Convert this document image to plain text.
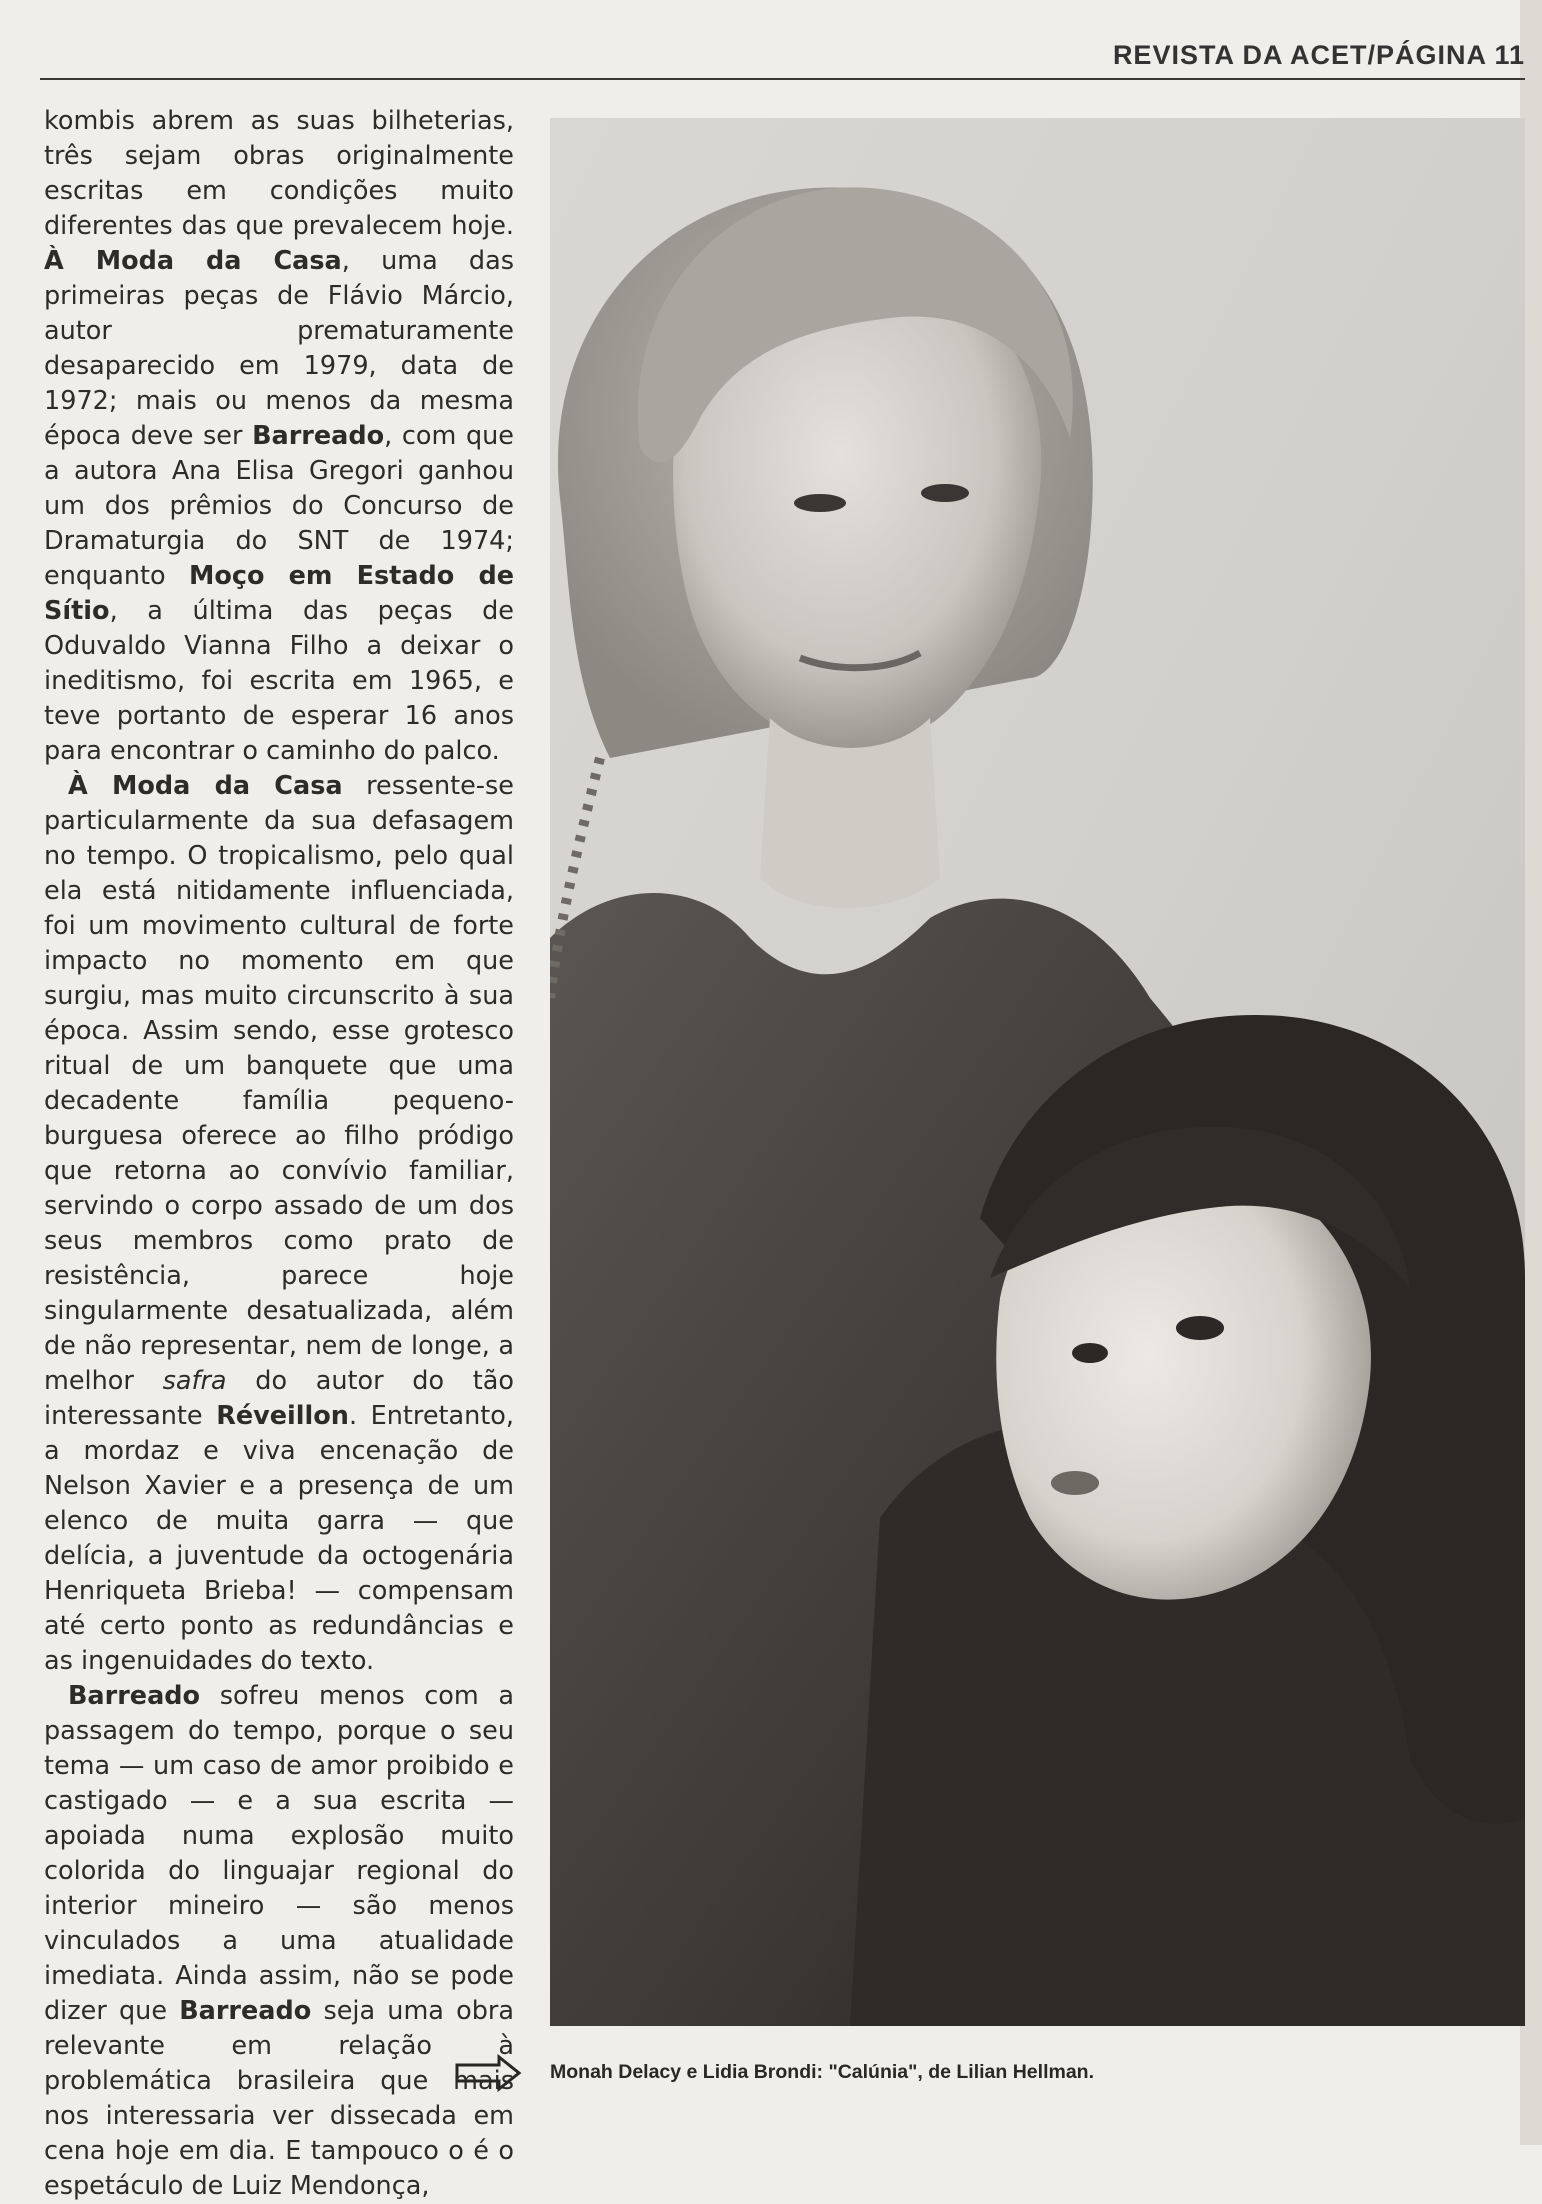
REVISTA DA ACET/PÁGINA 11

kombis abrem as suas bilheterias, três sejam obras originalmente escritas em condições muito diferentes das que prevalecem hoje. À Moda da Casa, uma das primeiras peças de Flávio Márcio, autor prematuramente desaparecido em 1979, data de 1972; mais ou menos da mesma época deve ser Barreado, com que a autora Ana Elisa Gregori ganhou um dos prêmios do Concurso de Dramaturgia do SNT de 1974; enquanto Moço em Estado de Sítio, a última das peças de Oduvaldo Vianna Filho a deixar o ineditismo, foi escrita em 1965, e teve portanto de esperar 16 anos para encontrar o caminho do palco.

À Moda da Casa ressente-se particularmente da sua defasagem no tempo. O tropicalismo, pelo qual ela está nitidamente influenciada, foi um movimento cultural de forte impacto no momento em que surgiu, mas muito circunscrito à sua época. Assim sendo, esse grotesco ritual de um banquete que uma decadente família pequeno-burguesa oferece ao filho pródigo que retorna ao convívio familiar, servindo o corpo assado de um dos seus membros como prato de resistência, parece hoje singularmente desatualizada, além de não representar, nem de longe, a melhor safra do autor do tão interessante Réveillon. Entretanto, a mordaz e viva encenação de Nelson Xavier e a presença de um elenco de muita garra — que delícia, a juventude da octogenária Henriqueta Brieba! — compensam até certo ponto as redundâncias e as ingenuidades do texto.

Barreado sofreu menos com a passagem do tempo, porque o seu tema — um caso de amor proibido e castigado — e a sua escrita — apoiada numa explosão muito colorida do linguajar regional do interior mineiro — são menos vinculados a uma atualidade imediata. Ainda assim, não se pode dizer que Barreado seja uma obra relevante em relação à problemática brasileira que mais nos interessaria ver dissecada em cena hoje em dia. E tampouco o é o espetáculo de Luiz Mendonça,

Monah Delacy e Lidia Brondi: "Calúnia", de Lilian Hellman.
